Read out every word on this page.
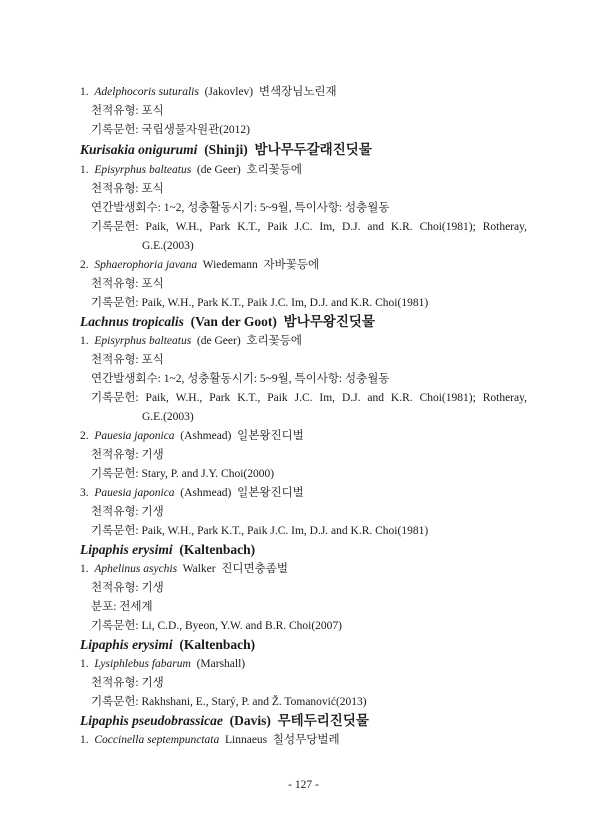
1. Adelphocoris suturalis (Jakovlev) 변색장님노린재
천적유형: 포식
기록문헌: 국립생물자원관(2012)
Kurisakia onigurumi (Shinji) 밤나무두갈래진딧물
1. Episyrphus balteatus (de Geer) 호리꽃등에
천적유형: 포식
연간발생회수: 1~2, 성충활동시기: 5~9월, 특이사항: 성충월동
기록문헌: Paik, W.H., Park K.T., Paik J.C. Im, D.J. and K.R. Choi(1981); Rotheray,
G.E.(2003)
2. Sphaerophoria javana Wiedemann 자바꽃등에
천적유형: 포식
기록문헌: Paik, W.H., Park K.T., Paik J.C. Im, D.J. and K.R. Choi(1981)
Lachnus tropicalis (Van der Goot) 밤나무왕진딧물
1. Episyrphus balteatus (de Geer) 호리꽃등에
천적유형: 포식
연간발생회수: 1~2, 성충활동시기: 5~9월, 특이사항: 성충월동
기록문헌: Paik, W.H., Park K.T., Paik J.C. Im, D.J. and K.R. Choi(1981); Rotheray,
G.E.(2003)
2. Pauesia japonica (Ashmead) 일본왕진디벌
천적유형: 기생
기록문헌: Stary, P. and J.Y. Choi(2000)
3. Pauesia japonica (Ashmead) 일본왕진디벌
천적유형: 기생
기록문헌: Paik, W.H., Park K.T., Paik J.C. Im, D.J. and K.R. Choi(1981)
Lipaphis erysimi (Kaltenbach)
1. Aphelinus asychis Walker 진디면충좀벌
천적유형: 기생
분포: 전세계
기록문헌: Li, C.D., Byeon, Y.W. and B.R. Choi(2007)
Lipaphis erysimi (Kaltenbach)
1. Lysiphlebus fabarum (Marshall)
천적유형: 기생
기록문헌: Rakhshani, E., Starý, P. and Ž. Tomanović(2013)
Lipaphis pseudobrassicae (Davis) 무테두리진딧물
1. Coccinella septempunctata Linnaeus 칠성무당벌레
- 127 -
